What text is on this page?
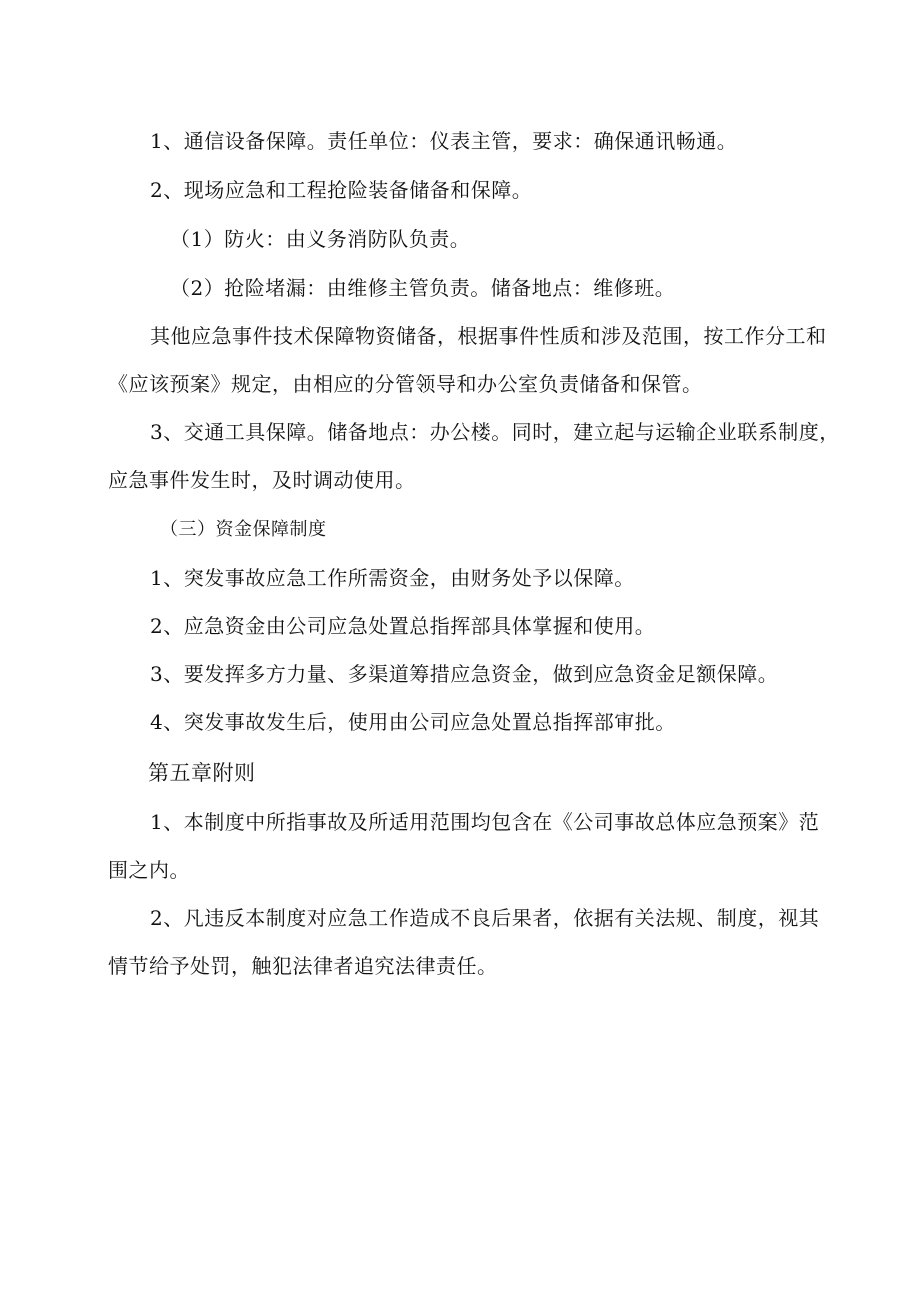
1、通信设备保障。责任单位：仪表主管，要求：确保通讯畅通。
2、现场应急和工程抢险装备储备和保障。
（1）防火：由义务消防队负责。
（2）抢险堵漏：由维修主管负责。储备地点：维修班。
其他应急事件技术保障物资储备，根据事件性质和涉及范围，按工作分工和
《应该预案》规定，由相应的分管领导和办公室负责储备和保管。
3、交通工具保障。储备地点：办公楼。同时，建立起与运输企业联系制度，
应急事件发生时，及时调动使用。
（三）资金保障制度
1、突发事故应急工作所需资金，由财务处予以保障。
2、应急资金由公司应急处置总指挥部具体掌握和使用。
3、要发挥多方力量、多渠道筹措应急资金，做到应急资金足额保障。
4、突发事故发生后，使用由公司应急处置总指挥部审批。
第五章附则
1、本制度中所指事故及所适用范围均包含在《公司事故总体应急预案》范
围之内。
2、凡违反本制度对应急工作造成不良后果者，依据有关法规、制度，视其
情节给予处罚，触犯法律者追究法律责任。
